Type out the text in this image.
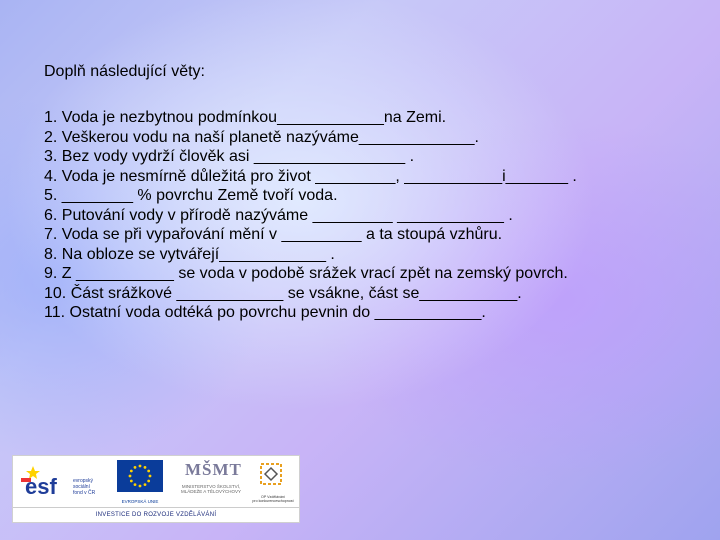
Doplň následující věty:
1. Voda je nezbytnou podmínkou____________na Zemi.
2. Veškerou vodu na naší planetě nazýváme_____________.
3. Bez vody vydrží člověk asi _________________ .
4. Voda je nesmírně důležitá pro život _________, ___________i_______ .
5. ________ % povrchu Země tvoří voda.
6. Putování vody v přírodě nazýváme _________ ____________ .
7. Voda se při vypařování mění v _________ a ta stoupá vzhůru.
8. Na obloze se vytvářejí____________ .
9. Z ___________ se voda v podobě srážek vrací zpět na zemský povrch.
10. Část srážkové ____________ se vsákne, část se___________.
11. Ostatní voda odtéká po povrchu pevnin do ____________.
esf	evropský
sociální
fond v ČR
EVROPSKÁ UNIE
MŠMT
MINISTERSTVO ŠKOLSTVÍ,
MLÁDEŽE A TĚLOVÝCHOVY
OP Vzdělávání
pro konkurenceschopnost
INVESTICE DO ROZVOJE VZDĚLÁVÁNÍ
